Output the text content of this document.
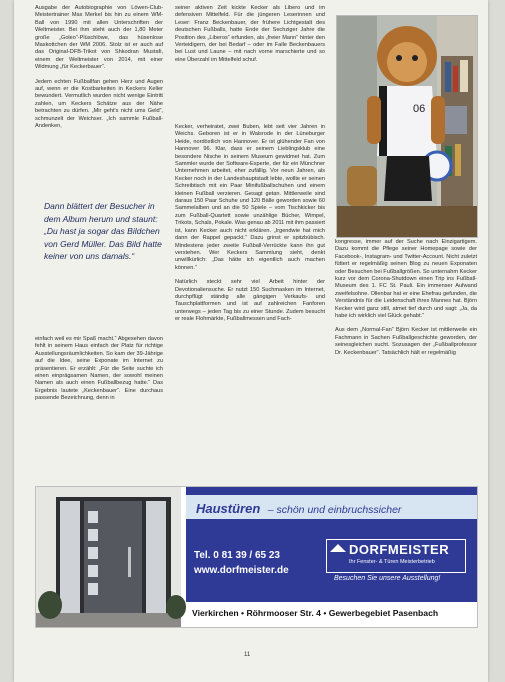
Ausgabe der Autobiographie von Löwen-Club-Meistertrainer Max Merkel bis hin zu einem WM-Ball von 1990 mit allen Unterschriften der Weltmeister. Bei ihm steht auch der 1,80 Meter große „Goleo“-Plüschlöwe, das hüsenlose Maskottchen der WM 2006. Stolz ist er auch auf das Original-DFB-Trikot von Shkodran Mustafi, einem der Weltmeister von 2014, mit einer Widmung „für Keckerbauer“.

Jedem echten Fußballfan gehen Herz und Augen auf, wenn er die Kostbarkeiten in Keckers Keller bewundert. Vermutlich wurden nicht wenige Eintritt zahlen, um Keckers Schätze aus der Nähe betrachten zu dürfen. „Mir geht's nicht ums Geld“, schmunzelt der Weichser. „Ich sammle Fußball-Andenken,

Dann blättert der Besucher in dem Album herum und staunt: „Du hast ja sogar das Bildchen von Gerd Müller. Das Bild hatte keiner von uns damals.“

einfach weil es mir Spaß macht.“ Abgesehen davon fehlt in seinem Haus einfach der Platz für richtige Ausstellungsräumlichkeiten. So kam der 39-Jährige auf die Idee, seine Exponate im Internet zu präsentieren. Er erzählt: „Für die Seite suchte ich einen einprägsamen Namen, der sowohl meinen Namen als auch einen Fußballbezug hatte.“ Das Ergebnis lautete „Keckenbauer“. Eine durchaus passende Bezeichnung, denn in

seiner aktiven Zeit kickte Kecker als Libero und im defensiven Mittelfeld. Für die jüngeren Leserinnen und Leser: Franz Beckenbauer, der frühere Lichtgestalt des deutschen Fußballs, hatte Ende der Sechziger Jahre die Position des „Liberos“ erfunden, als „freier Mann“ hinter den Verteidigern, der bei Bedarf – oder im Falle Beckenbauers bei Lust und Laune – mit nach vorne marschierte und so eine Überzahl im Mittelfeld schuf.

Kecker, verheiratet, zwei Buben, lebt seit vier Jahren in Weichs. Geboren ist er in Walsrode in der Lüneburger Heide, nordöstlich von Hannover. Er ist glühender Fan von Hannover 96. Klar, dass er seinem Lieblingsklub eine besondere Nische in seinem Museum gewidmet hat. Zum Sammler wurde der Software-Experte, der für ein Münchner Unternehmen arbeitet, eher zufällig. Vor neun Jahren, als Kecker noch in der Landeshauptstadt lebte, wollte er seinen Schreibtisch mit ein Paar Minifußballschuhen und einem kleinen Fußball verzieren. Gesagt getan. Mittlerweile sind daraus 150 Paar Schuhe und 120 Bälle geworden sowie 60 Sammelalben und an die 50 Spiele – vom Tischkicker bis zum Fußball-Quartett sowie unzählige Bücher, Wimpel, Trikots, Schals, Pokale. Was genau ab 2011 mit ihm passiert ist, kann Kecker auch nicht erklären. „Irgendwie hat mich dann der Rappel gepackt.“ Dazu grinst er spitzbübisch. Mindestens jeder zweite Fußball-Verrückte kann ihn gut verstehen. Wer Keckers Sammlung sieht, denkt unwillkürlich: „Das hätte ich eigentlich auch machen können.“

Natürlich steckt sehr viel Arbeit hinter der Devotionaliensuche. Er nutzt 150 Suchmasken im Internet, durchpflügt ständig alle gängigen Verkaufs- und Tauschplattformen und ist auf zahlreichen Fanforen unterwegs – jeden Tag bis zu einer Stunde. Zudem besucht er reale Flohmärkte, Fußballmessen und Fach-

06

kongresse, immer auf der Suche nach Einzigartigem. Dazu kommt die Pflege seiner Homepage sowie der Facebook-, Instagram- und Twitter-Account. Nicht zuletzt füttert er regelmäßig seinen Blog zu neuen Exponaten oder Besuchen bei Fußballgrößen. So unternahm Kecker kurz vor dem Corona-Shutdown einen Trip ins Fußball-Museum des 1. FC St. Pauli. Ein immenser Aufwand zweifelsohne. Ollenbar hat er eine Ehefrau gefunden, die Verständnis für die Leidenschaft ihres Mannes hat. Björn Kecker wird ganz still, atmet tief durch und sagt: „Ja, da habe ich wirklich viel Glück gehabt.“

Aus dem „Normal-Fan“ Björn Kecker ist mittlerweile ein Fachmann in Sachen Fußballgeschichte geworden, der seinesgleichen sucht. Sozusagen der „Fußballprofessor Dr. Keckenbauer“. Tatsächlich hält er regelmäßig

Haustüren – schön und einbruchssicher
Tel. 0 81 39 / 65 23
www.dorfmeister.de
DORFMEISTER
Ihr Fenster- & Türen Meisterbetrieb
Besuchen Sie unsere Ausstellung!
Vierkirchen • Röhrmooser Str. 4 • Gewerbegebiet Pasenbach
11
